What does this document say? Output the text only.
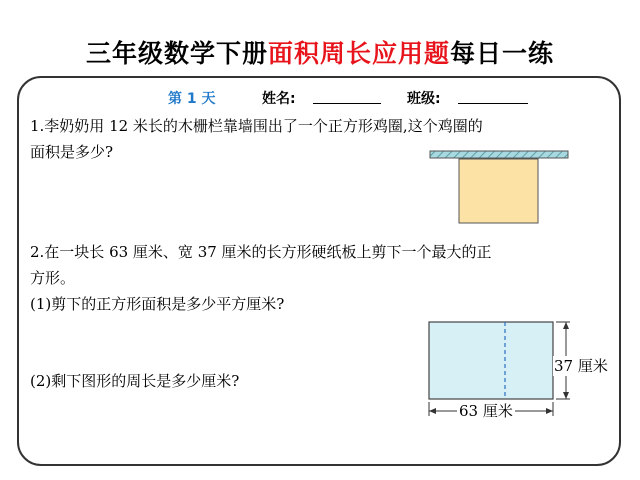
三年级数学下册面积周长应用题每日一练
第 1 天	姓名:	班级:
1.李奶奶用 12 米长的木栅栏靠墙围出了一个正方形鸡圈,这个鸡圈的
面积是多少?
2.在一块长 63 厘米、宽 37 厘米的长方形硬纸板上剪下一个最大的正
方形。
(1)剪下的正方形面积是多少平方厘米?
(2)剩下图形的周长是多少厘米?
37 厘米
63 厘米
